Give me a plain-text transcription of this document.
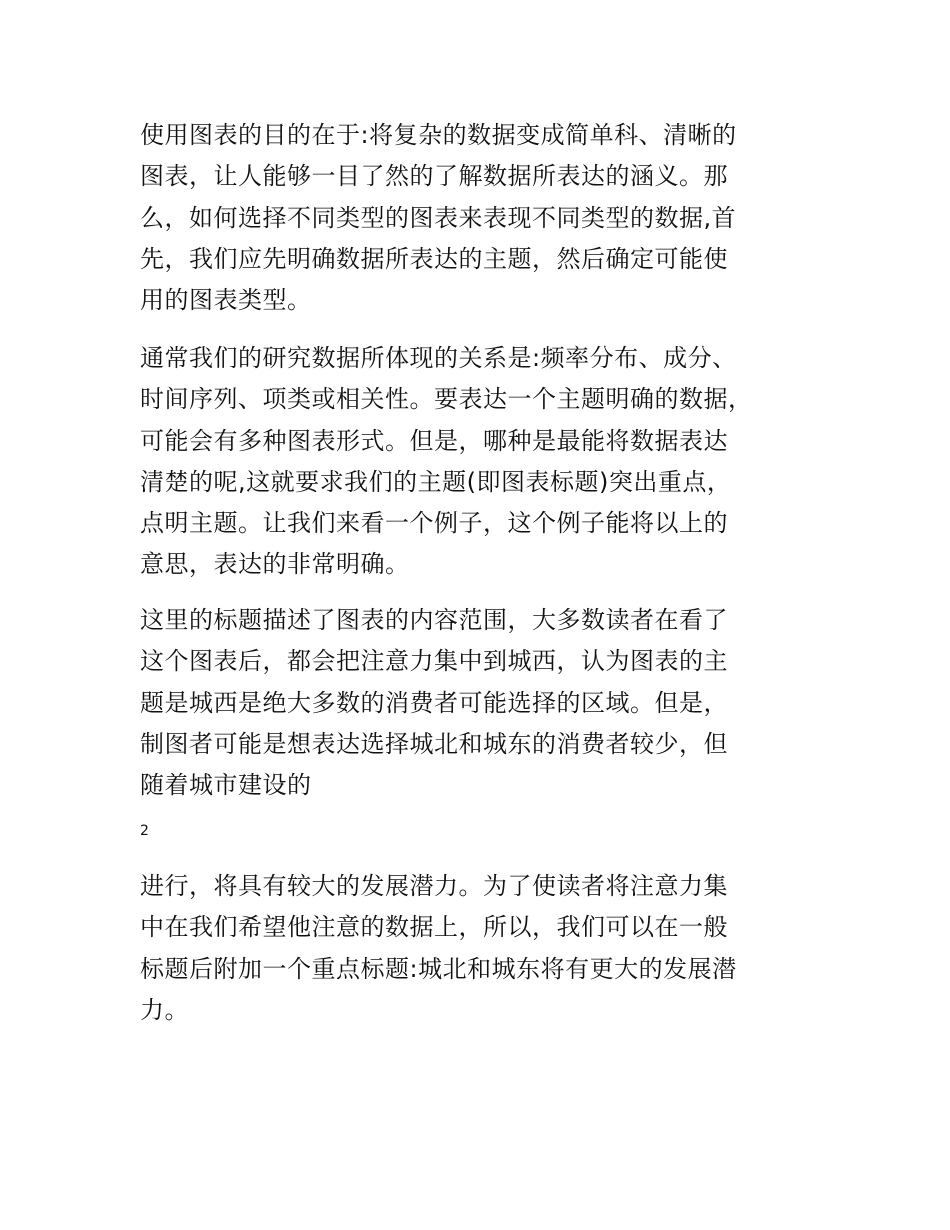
使用图表的目的在于:将复杂的数据变成简单科、清晰的
图表，让人能够一目了然的了解数据所表达的涵义。那
么，如何选择不同类型的图表来表现不同类型的数据,首
先，我们应先明确数据所表达的主题，然后确定可能使
用的图表类型。

通常我们的研究数据所体现的关系是:频率分布、成分、
时间序列、项类或相关性。要表达一个主题明确的数据，
可能会有多种图表形式。但是，哪种是最能将数据表达
清楚的呢,这就要求我们的主题(即图表标题)突出重点，
点明主题。让我们来看一个例子，这个例子能将以上的
意思，表达的非常明确。

这里的标题描述了图表的内容范围，大多数读者在看了
这个图表后，都会把注意力集中到城西，认为图表的主
题是城西是绝大多数的消费者可能选择的区域。但是，
制图者可能是想表达选择城北和城东的消费者较少，但
随着城市建设的

2

进行，将具有较大的发展潜力。为了使读者将注意力集
中在我们希望他注意的数据上，所以，我们可以在一般
标题后附加一个重点标题:城北和城东将有更大的发展潜
力。
